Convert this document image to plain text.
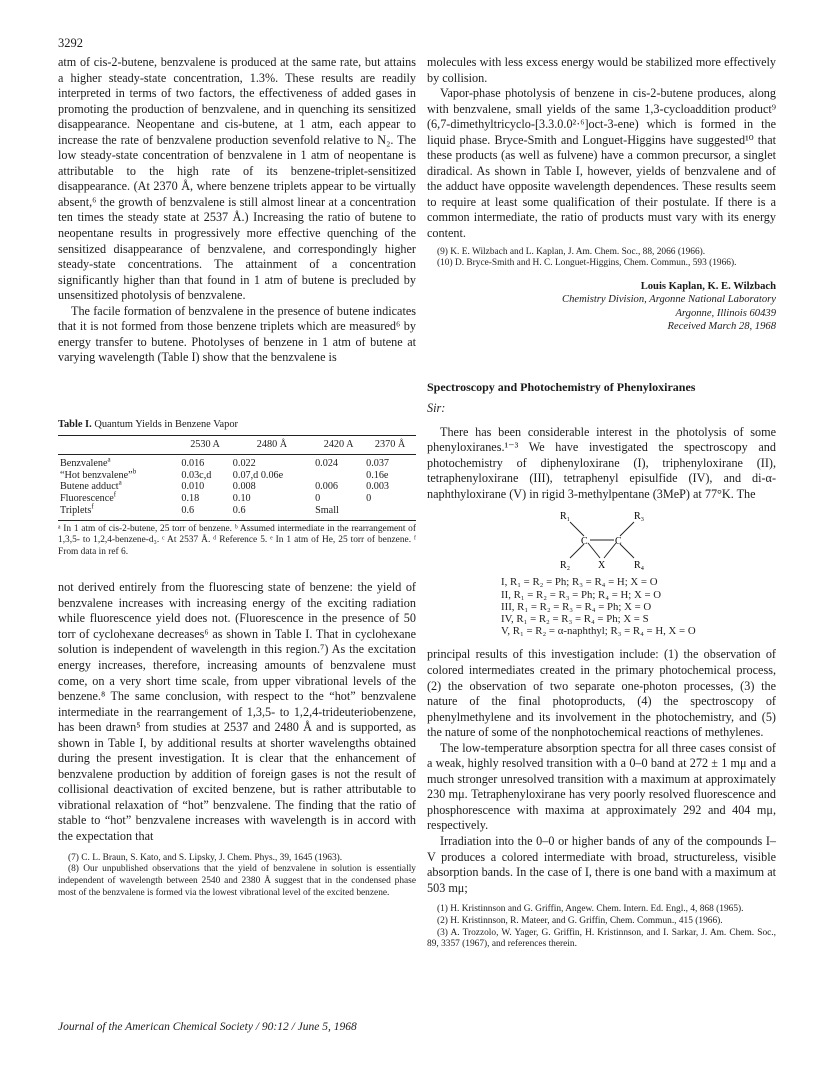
3292

atm of cis-2-butene, benzvalene is produced at the same rate, but attains a higher steady-state concentration, 1.3%. These results are readily interpreted in terms of two factors, the effectiveness of added gases in promoting the production of benzvalene, and in quenching its sensitized disappearance. Neopentane and cis-butene, at 1 atm, each appear to increase the rate of benzvalene production sevenfold relative to N₂. The low steady-state concentration of benzvalene in 1 atm of neopentane is attributable to the high rate of its benzene-triplet-sensitized disappearance. (At 2370 Å, where benzene triplets appear to be virtually absent,⁶ the growth of benzvalene is still almost linear at a concentration ten times the steady state at 2537 Å.) Increasing the ratio of butene to neopentane results in progressively more effective quenching of the sensitized disappearance of benzvalene, and correspondingly higher steady-state concentrations. The attainment of a concentration significantly higher than that found in 1 atm of butene is precluded by unsensitized photolysis of benzvalene.

The facile formation of benzvalene in the presence of butene indicates that it is not formed from those benzene triplets which are measured⁶ by energy transfer to butene. Photolyses of benzene in 1 atm of butene at varying wavelength (Table I) show that the benzvalene is

Table I. Quantum Yields in Benzene Vapor
	2530 A	2480 Å	2420 A	2370 Å
Benzvalene$^a$	0.016	0.022	0.024	0.037
“Hot benzvalene”$^b$	0.03c,d	0.07,d 0.06e		0.16e
Butene adduct$^a$	0.010	0.008	0.006	0.003
Fluorescence$^f$	0.18	0.10	0	0
Triplets$^f$	0.6	0.6	Small	
ᵃ In 1 atm of cis-2-butene, 25 torr of benzene. ᵇ Assumed intermediate in the rearrangement of 1,3,5- to 1,2,4-benzene-d₃. ᶜ At 2537 Å. ᵈ Reference 5. ᵉ In 1 atm of He, 25 torr of benzene. ᶠ From data in ref 6.

not derived entirely from the fluorescing state of benzene: the yield of benzvalene increases with increasing energy of the exciting radiation while fluorescence yield does not. (Fluorescence in the presence of 50 torr of cyclohexane decreases⁶ as shown in Table I. That in cyclohexane solution is independent of wavelength in this region.⁷) As the excitation energy increases, therefore, increasing amounts of benzvalene must come, on a very short time scale, from upper vibrational levels of the benzene.⁸ The same conclusion, with respect to the “hot” benzvalene intermediate in the rearrangement of 1,3,5- to 1,2,4-trideuteriobenzene, has been drawn⁵ from studies at 2537 and 2480 Å and is supported, as shown in Table I, by additional results at shorter wavelengths obtained during the present investigation. It is clear that the enhancement of benzvalene production by addition of foreign gases is not the result of collisional deactivation of excited benzene, but is rather attributable to vibrational relaxation of “hot” benzvalene. The finding that the ratio of stable to “hot” benzvalene increases with wavelength is in accord with the expectation that

(7) C. L. Braun, S. Kato, and S. Lipsky, J. Chem. Phys., 39, 1645 (1963).

(8) Our unpublished observations that the yield of benzvalene in solution is essentially independent of wavelength between 2540 and 2380 Å suggest that in the condensed phase most of the benzvalene is formed via the lowest vibrational level of the excited benzene.

molecules with less excess energy would be stabilized more effectively by collision.

Vapor-phase photolysis of benzene in cis-2-butene produces, along with benzvalene, small yields of the same 1,3-cycloaddition product⁹ (6,7-dimethyltricyclo-[3.3.0.0²·⁶]oct-3-ene) which is formed in the liquid phase. Bryce-Smith and Longuet-Higgins have suggested¹⁰ that these products (as well as fulvene) have a common precursor, a singlet diradical. As shown in Table I, however, yields of benzvalene and of the adduct have opposite wavelength dependences. These results seem to require at least some qualification of their postulate. If there is a common intermediate, the ratio of products must vary with its energy content.

(9) K. E. Wilzbach and L. Kaplan, J. Am. Chem. Soc., 88, 2066 (1966).

(10) D. Bryce-Smith and H. C. Longuet-Higgins, Chem. Commun., 593 (1966).

Louis Kaplan, K. E. Wilzbach
Chemistry Division, Argonne National Laboratory
Argonne, Illinois 60439
Received March 28, 1968
Spectroscopy and Photochemistry of Phenyloxiranes
Sir:

There has been considerable interest in the photolysis of some phenyloxiranes.¹⁻³ We have investigated the spectroscopy and photochemistry of diphenyloxirane (I), triphenyloxirane (II), tetraphenyloxirane (III), tetraphenyl episulfide (IV), and di-α-naphthyloxirane (V) in rigid 3-methylpentane (3MeP) at 77°K. The

R₁	R₃
C	C
R₂	X	R₄
I, R₁ = R₂ = Ph; R₃ = R₄ = H; X = O
II, R₁ = R₂ = R₃ = Ph; R₄ = H; X = O
III, R₁ = R₂ = R₃ = R₄ = Ph; X = O
IV, R₁ = R₂ = R₃ = R₄ = Ph; X = S
V, R₁ = R₂ = α-naphthyl; R₃ = R₄ = H, X = O

principal results of this investigation include: (1) the observation of colored intermediates created in the primary photochemical process, (2) the observation of two separate one-photon processes, (3) the nature of the final photoproducts, (4) the spectroscopy of phenylmethylene and its involvement in the photochemistry, and (5) the nature of some of the nonphotochemical reactions of methylenes.

The low-temperature absorption spectra for all three cases consist of a weak, highly resolved transition with a 0–0 band at 272 ± 1 mμ and a much stronger unresolved transition with a maximum at approximately 230 mμ. Tetraphenyloxirane has very poorly resolved fluorescence and phosphorescence with maxima at approximately 292 and 404 mμ, respectively.

Irradiation into the 0–0 or higher bands of any of the compounds I–V produces a colored intermediate with broad, structureless, visible absorption bands. In the case of I, there is one band with a maximum at 503 mμ;

(1) H. Kristinnson and G. Griffin, Angew. Chem. Intern. Ed. Engl., 4, 868 (1965).

(2) H. Kristinnson, R. Mateer, and G. Griffin, Chem. Commun., 415 (1966).

(3) A. Trozzolo, W. Yager, G. Griffin, H. Kristinnson, and I. Sarkar, J. Am. Chem. Soc., 89, 3357 (1967), and references therein.

Journal of the American Chemical Society / 90:12 / June 5, 1968
